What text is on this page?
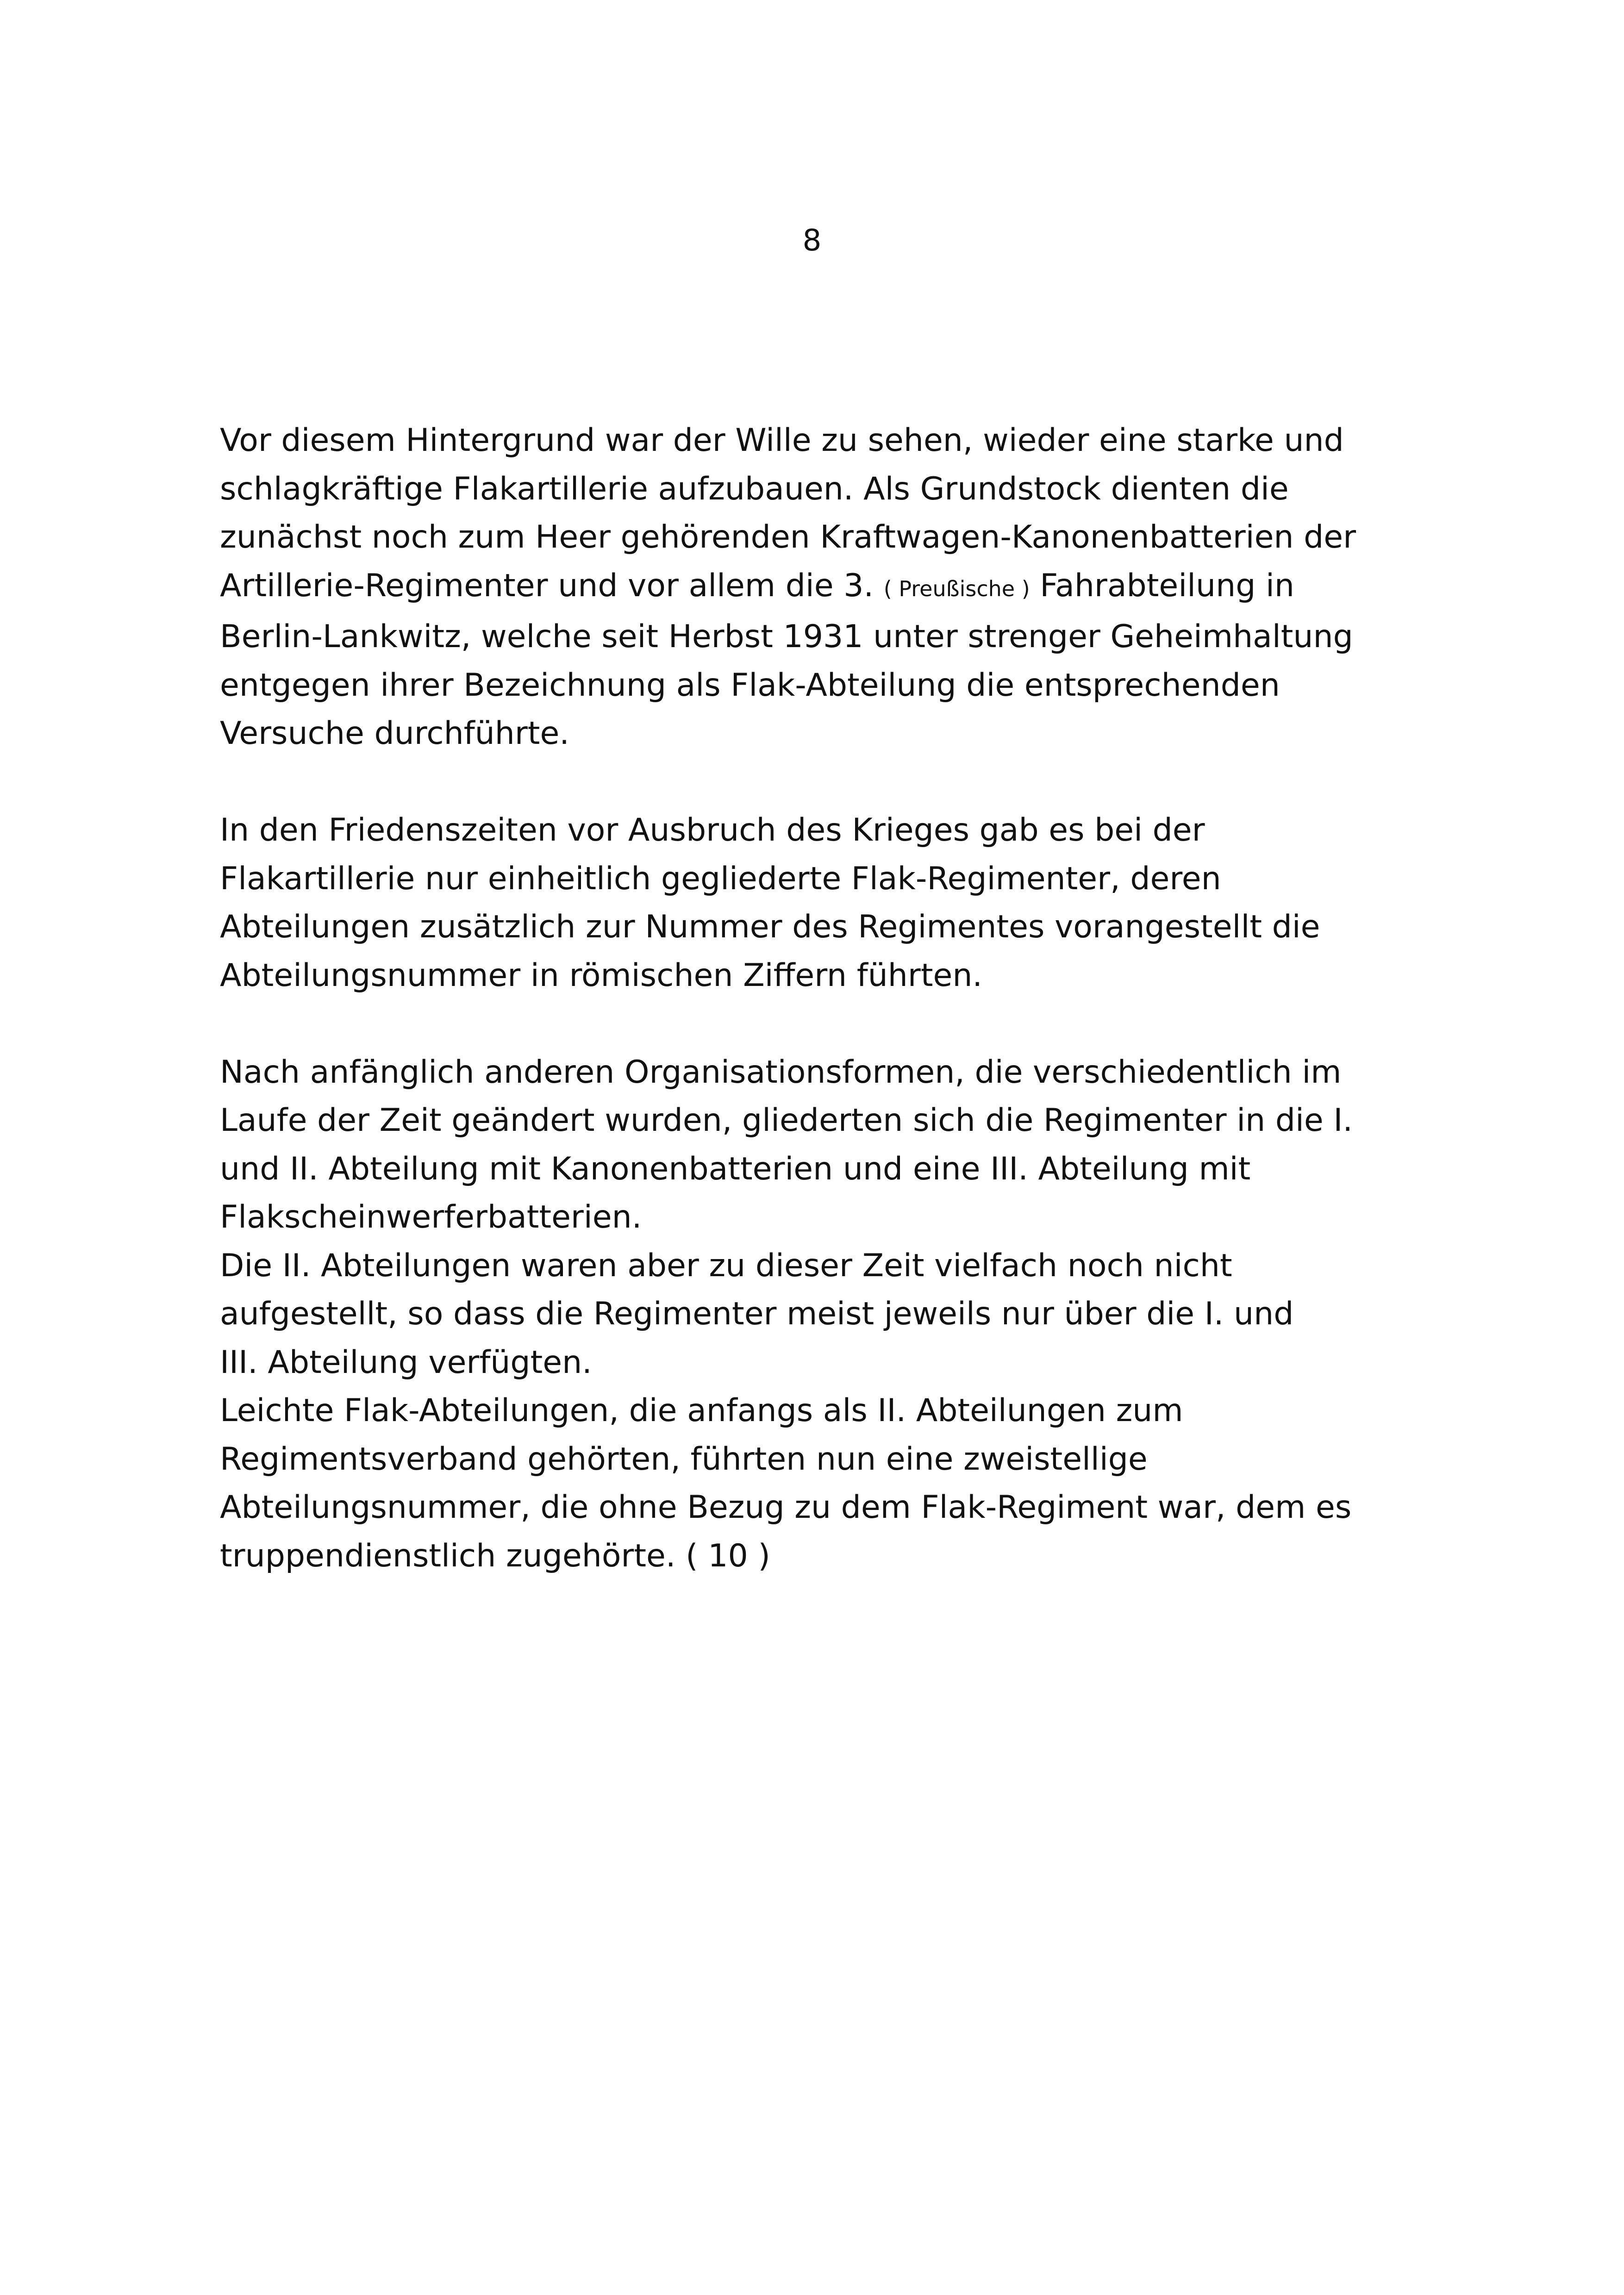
8

Vor diesem Hintergrund war der Wille zu sehen, wieder eine starke und
schlagkräftige Flakartillerie aufzubauen. Als Grundstock dienten die
zunächst noch zum Heer gehörenden Kraftwagen-Kanonenbatterien der
Artillerie-Regimenter und vor allem die 3. ( Preußische ) Fahrabteilung in
Berlin-Lankwitz, welche seit Herbst 1931 unter strenger Geheimhaltung
entgegen ihrer Bezeichnung als Flak-Abteilung die entsprechenden
Versuche durchführte.

In den Friedenszeiten vor Ausbruch des Krieges gab es bei der
Flakartillerie nur einheitlich gegliederte Flak-Regimenter, deren
Abteilungen zusätzlich zur Nummer des Regimentes vorangestellt die
Abteilungsnummer in römischen Ziffern führten.

Nach anfänglich anderen Organisationsformen, die verschiedentlich im
Laufe der Zeit geändert wurden, gliederten sich die Regimenter in die I.
und II. Abteilung mit Kanonenbatterien und eine III. Abteilung mit
Flakscheinwerferbatterien.
Die II. Abteilungen waren aber zu dieser Zeit vielfach noch nicht
aufgestellt, so dass die Regimenter meist jeweils nur über die I. und
III. Abteilung verfügten.
Leichte Flak-Abteilungen, die anfangs als II. Abteilungen zum
Regimentsverband gehörten, führten nun eine zweistellige
Abteilungsnummer, die ohne Bezug zu dem Flak-Regiment war, dem es
truppendienstlich zugehörte. ( 10 )
